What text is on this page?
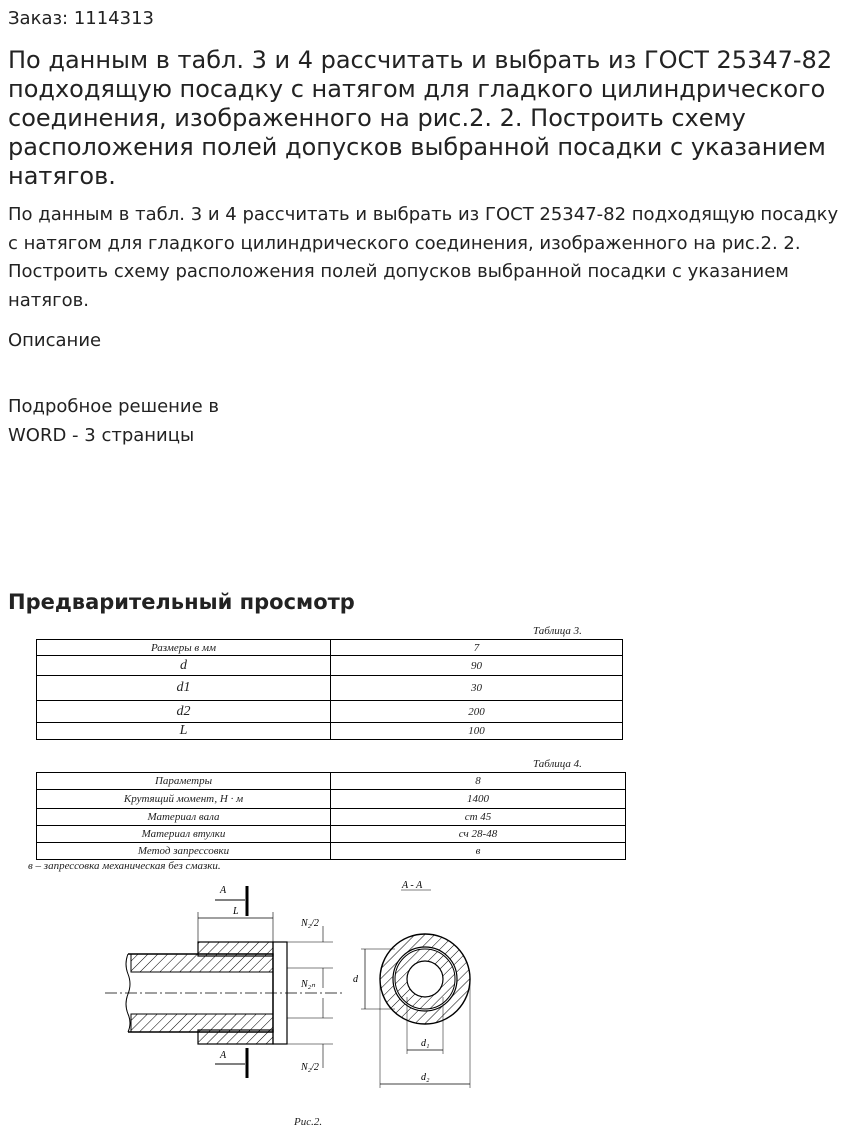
Заказ: 1114313
По данным в табл. 3 и 4 рассчитать и выбрать из ГОСТ 25347-82 подходящую посадку с натягом для гладкого цилиндрического соединения, изображенного на рис.2. 2. Построить схему расположения полей допусков выбранной посадки с указанием натягов.

По данным в табл. 3 и 4 рассчитать и выбрать из ГОСТ 25347-82 подходящую посадку с натягом для гладкого цилиндрического соединения, изображенного на рис.2. 2. Построить схему расположения полей допусков выбранной посадки с указанием натягов.

Описание
Подробное решение в
WORD - 3 страницы
Предварительный просмотр
Таблица 3.
Размеры в мм	7
d	90
d1	30
d2	200
L	100
Таблица 4.
Параметры	8
Крутящий момент, Н · м	1400
Материал вала	ст 45
Материал втулки	сч 28-48
Метод запрессовки	в
в – запрессовка механическая без смазки.
A
A
L
N₂/2
N₂ₙ
N₂/2
A - A
d
d₁
d₂
Рис.2.
